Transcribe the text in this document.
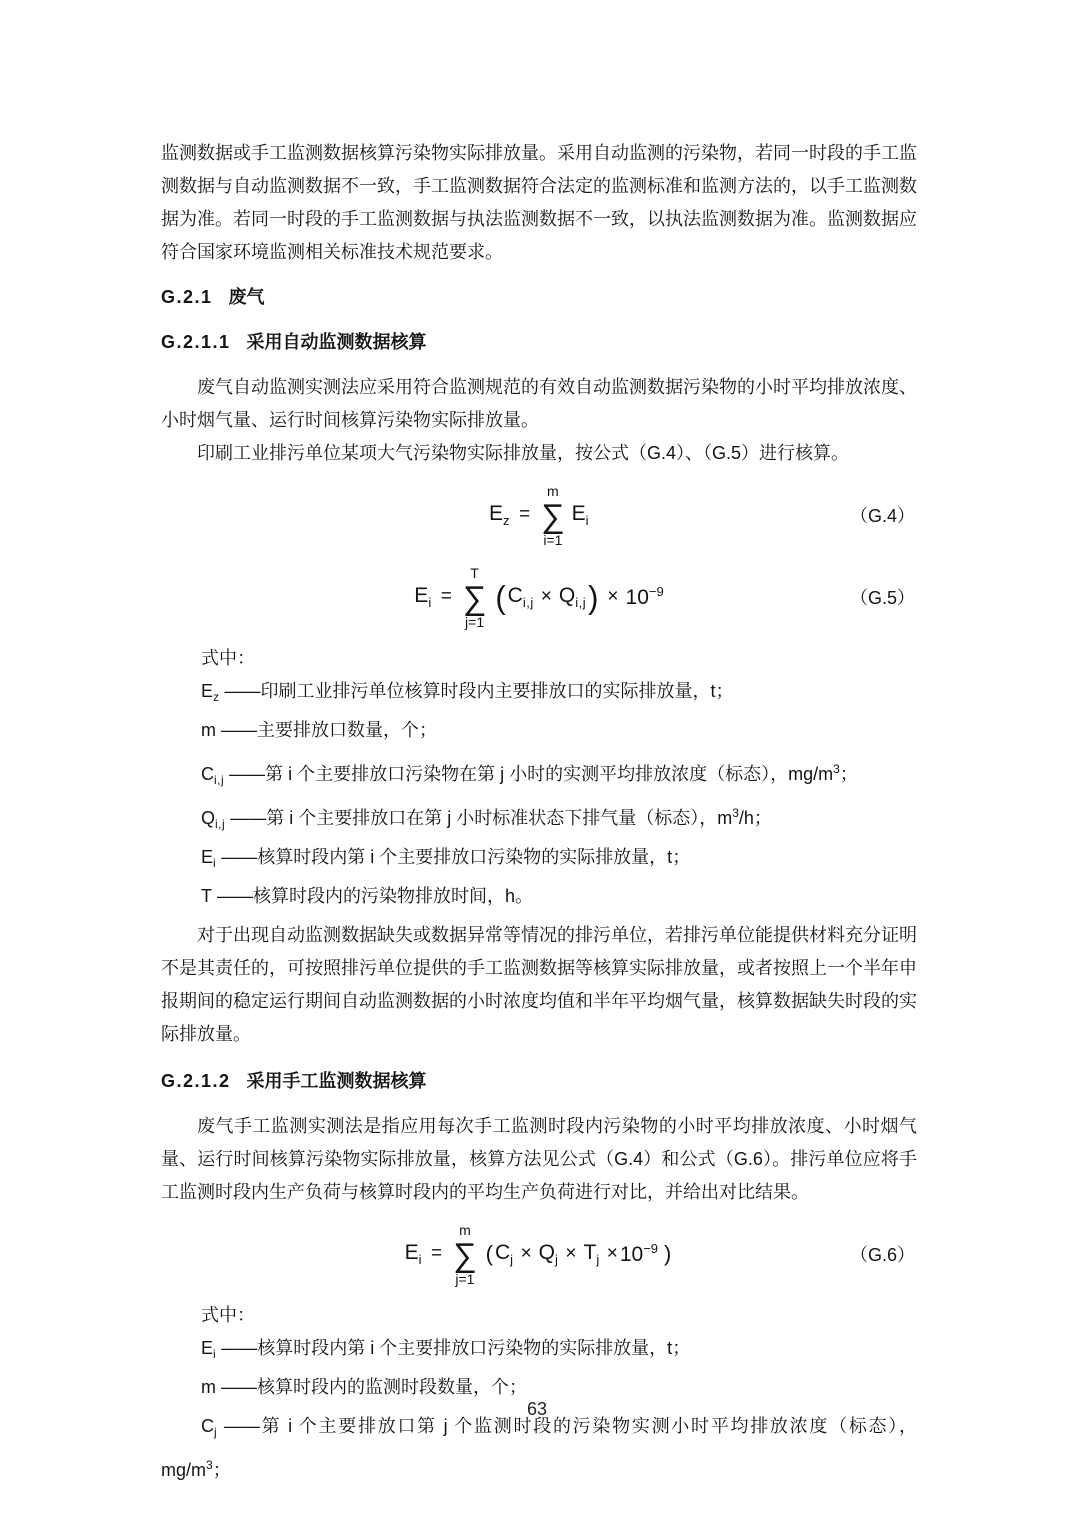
监测数据或手工监测数据核算污染物实际排放量。采用自动监测的污染物，若同一时段的手工监测数据与自动监测数据不一致，手工监测数据符合法定的监测标准和监测方法的，以手工监测数据为准。若同一时段的手工监测数据与执法监测数据不一致，以执法监测数据为准。监测数据应符合国家环境监测相关标准技术规范要求。

G.2.1 废气
G.2.1.1 采用自动监测数据核算

废气自动监测实测法应采用符合监测规范的有效自动监测数据污染物的小时平均排放浓度、小时烟气量、运行时间核算污染物实际排放量。

印刷工业排污单位某项大气污染物实际排放量，按公式（G.4）、（G.5）进行核算。

$E_z$ =
m
∑
i=1
$E_i$	（G.4）
$E_i$ =
T
∑
j=1
( $C_{i,j} \times Q_{i,j}$ ) × $10^{-9}$	（G.5）

式中：

$E_z$ ——印刷工业排污单位核算时段内主要排放口的实际排放量，t；

m ——主要排放口数量，个；

$C_{i,j}$ ——第 i 个主要排放口污染物在第 j 小时的实测平均排放浓度（标态），$mg/m^3$；

$Q_{i,j}$ ——第 i 个主要排放口在第 j 小时标准状态下排气量（标态），$m^3/h$；

$E_i$ ——核算时段内第 i 个主要排放口污染物的实际排放量，t；

T ——核算时段内的污染物排放时间，h。

对于出现自动监测数据缺失或数据异常等情况的排污单位，若排污单位能提供材料充分证明不是其责任的，可按照排污单位提供的手工监测数据等核算实际排放量，或者按照上一个半年申报期间的稳定运行期间自动监测数据的小时浓度均值和半年平均烟气量，核算数据缺失时段的实际排放量。

G.2.1.2 采用手工监测数据核算

废气手工监测实测法是指应用每次手工监测时段内污染物的小时平均排放浓度、小时烟气量、运行时间核算污染物实际排放量，核算方法见公式（G.4）和公式（G.6）。排污单位应将手工监测时段内生产负荷与核算时段内的平均生产负荷进行对比，并给出对比结果。

$E_i$ =
m
∑
j=1
( $C_j \times Q_j \times T_j \times 10^{-9}$ )	（G.6）

式中：

$E_i$ ——核算时段内第 i 个主要排放口污染物的实际排放量，t；

m ——核算时段内的监测时段数量，个；

$C_j$ ——第 i 个主要排放口第 j 个监测时段的污染物实测小时平均排放浓度（标态），$mg/m^3$；

63
